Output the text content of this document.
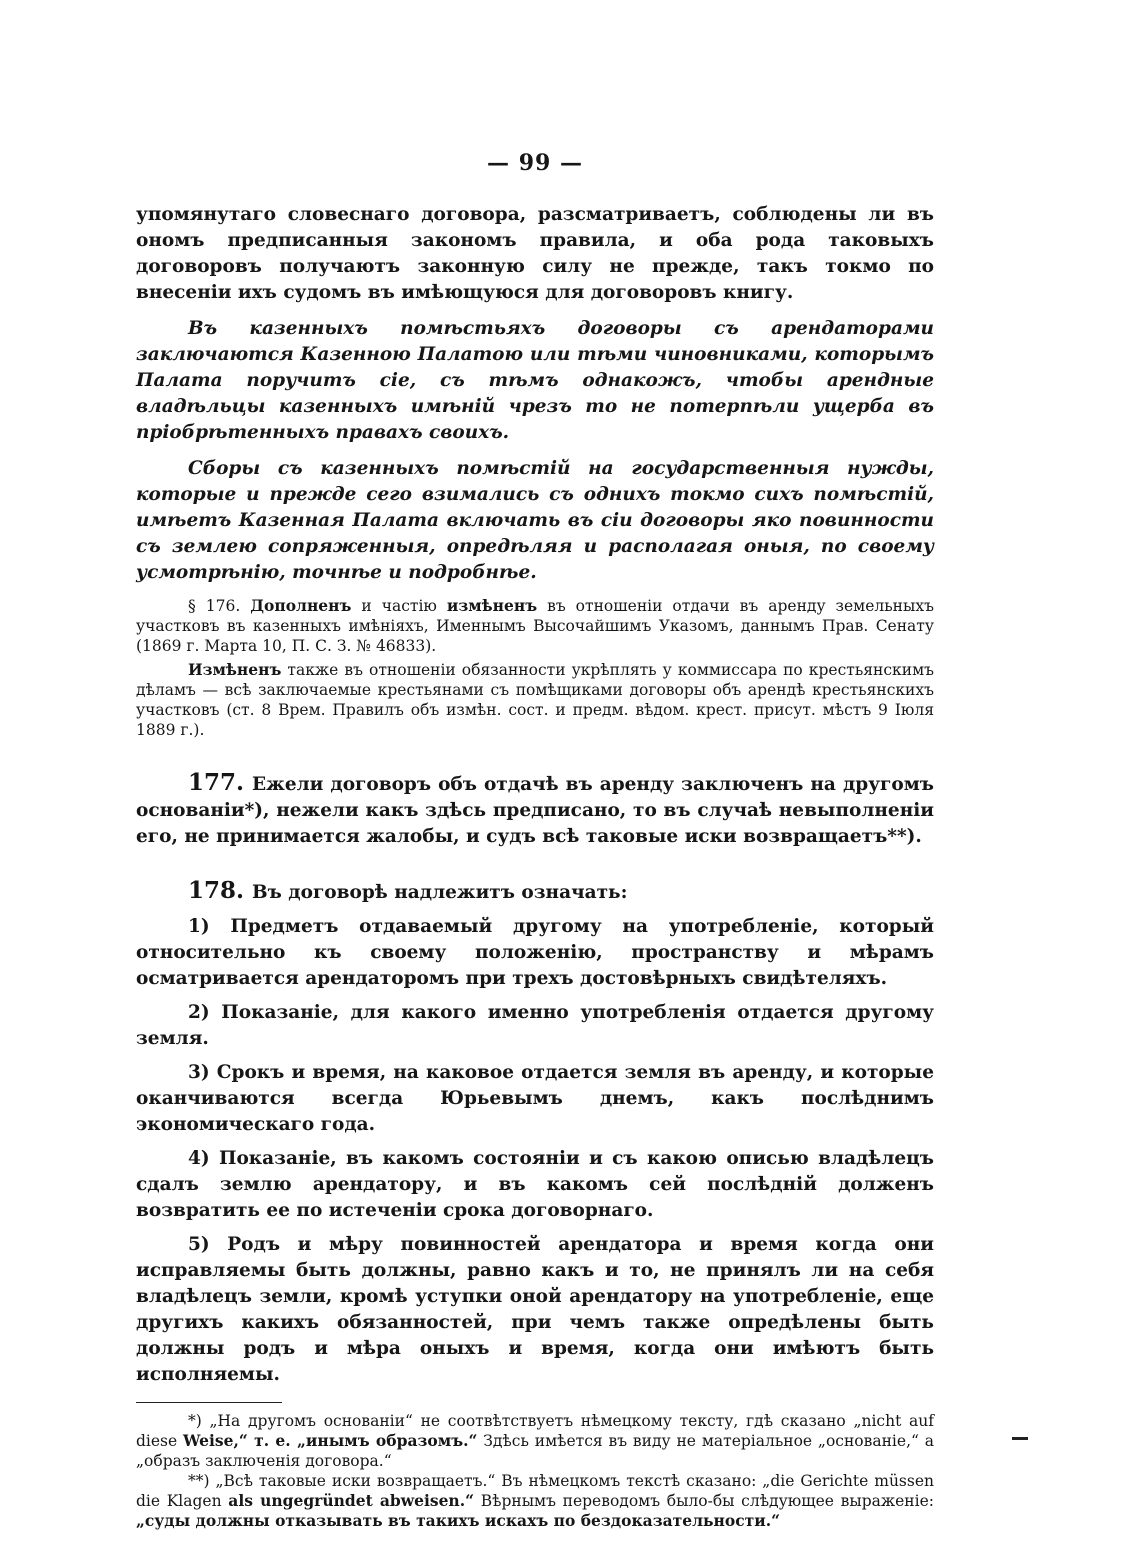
— 99 —

упомянутаго словеснаго договора, разсматриваетъ, соблюдены ли въ ономъ предписанныя закономъ правила, и оба рода таковыхъ договоровъ получаютъ законную силу не прежде, такъ токмо по внесеніи ихъ судомъ въ имѣющуюся для договоровъ книгу.

Въ казенныхъ помѣстьяхъ договоры съ арендаторами заключаются Казенною Палатою или тѣми чиновниками, которымъ Палата поручитъ сіе, съ тѣмъ однакожъ, чтобы арендные владѣльцы казенныхъ имѣній чрезъ то не потерпѣли ущерба въ пріобрѣтенныхъ правахъ своихъ.

Сборы съ казенныхъ помѣстій на государственныя нужды, которые и прежде сего взимались съ однихъ токмо сихъ помѣстій, имѣетъ Казенная Палата включать въ сіи договоры яко повинности съ землею сопряженныя, опредѣляя и располагая оныя, по своему усмотрѣнію, точнѣе и подробнѣе.

§ 176. Дополненъ и частію измѣненъ въ отношеніи отдачи въ аренду земельныхъ участковъ въ казенныхъ имѣніяхъ, Именнымъ Высочайшимъ Указомъ, даннымъ Прав. Сенату (1869 г. Марта 10, П. С. З. № 46833).

Измѣненъ также въ отношеніи обязанности укрѣплять у коммиссара по крестьянскимъ дѣламъ — всѣ заключаемые крестьянами съ помѣщиками договоры объ арендѣ крестьянскихъ участковъ (ст. 8 Врем. Правилъ объ измѣн. сост. и предм. вѣдом. крест. присут. мѣстъ 9 Іюля 1889 г.).

177. Ежели договоръ объ отдачѣ въ аренду заключенъ на другомъ основаніи*), нежели какъ здѣсь предписано, то въ случаѣ невыполненіи его, не принимается жалобы, и судъ всѣ таковые иски возвращаетъ**).

178. Въ договорѣ надлежитъ означать:

1) Предметъ отдаваемый другому на употребленіе, который относительно къ своему положенію, пространству и мѣрамъ осматривается арендаторомъ при трехъ достовѣрныхъ свидѣтеляхъ.

2) Показаніе, для какого именно употребленія отдается другому земля.

3) Срокъ и время, на каковое отдается земля въ аренду, и которые оканчиваются всегда Юрьевымъ днемъ, какъ послѣднимъ экономическаго года.

4) Показаніе, въ какомъ состояніи и съ какою описью владѣлецъ сдалъ землю арендатору, и въ какомъ сей послѣдній долженъ возвратить ее по истеченіи срока договорнаго.

5) Родъ и мѣру повинностей арендатора и время когда они исправляемы быть должны, равно какъ и то, не принялъ ли на себя владѣлецъ земли, кромѣ уступки оной арендатору на употребленіе, еще другихъ какихъ обязанностей, при чемъ также опредѣлены быть должны родъ и мѣра оныхъ и время, когда они имѣютъ быть исполняемы.

*) „На другомъ основаніи“ не соотвѣтствуетъ нѣмецкому тексту, гдѣ сказано „nicht auf diese Weise,“ т. е. „инымъ образомъ.“ Здѣсь имѣется въ виду не матеріальное „основаніе,“ а „образъ заключенія договора.“

**) „Всѣ таковые иски возвращаетъ.“ Въ нѣмецкомъ текстѣ сказано: „die Gerichte müssen die Klagen als ungegründet abweisen.“ Вѣрнымъ переводомъ было-бы слѣдующее выраженіе: „суды должны отказывать въ такихъ искахъ по бездоказательности.“
